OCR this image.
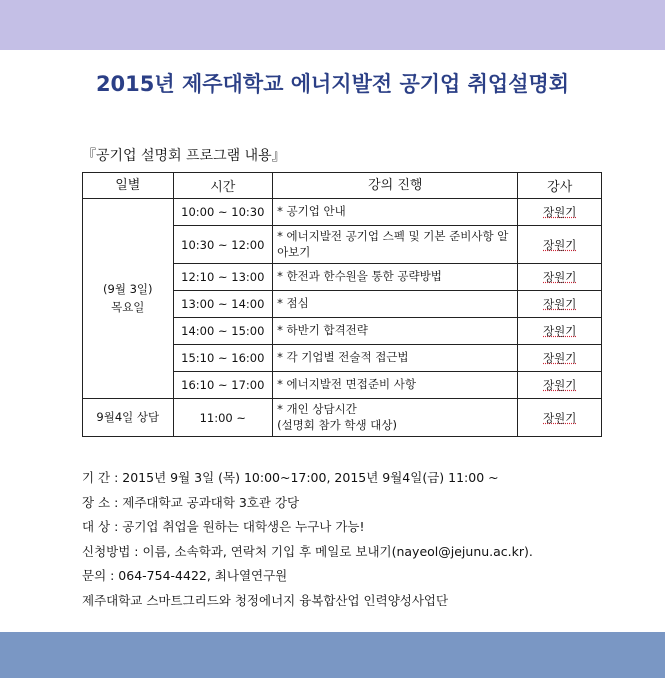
2015년 제주대학교 에너지발전 공기업 취업설명회
『공기업 설명회 프로그램 내용』
일별	시간	강의 진행	강사

(9월 3일)
목요일	10:00 ~ 10:30	* 공기업 안내	장원기
	10:30 ~ 12:00	* 에너지발전 공기업 스펙 및 기본 준비사항 알아보기	장원기
	12:10 ~ 13:00	* 한전과 한수원을 통한 공략방법	장원기
	13:00 ~ 14:00	* 점심	장원기
	14:00 ~ 15:00	* 하반기 합격전략	장원기
	15:10 ~ 16:00	* 각 기업별 전술적 접근법	장원기
	16:10 ~ 17:00	* 에너지발전 면접준비 사항	장원기
9월4일 상담	11:00 ~	* 개인 상담시간
(설명회 참가 학생 대상)	장원기
기 간 : 2015년 9월 3일 (목) 10:00~17:00, 2015년 9월4일(금) 11:00 ~
장 소 : 제주대학교 공과대학 3호관 강당
대 상 : 공기업 취업을 원하는 대학생은 누구나 가능!
신청방법 : 이름, 소속학과, 연락처 기입 후 메일로 보내기(nayeol@jejunu.ac.kr).
문의 : 064-754-4422, 최나열연구원
제주대학교 스마트그리드와 청정에너지 융복합산업 인력양성사업단
